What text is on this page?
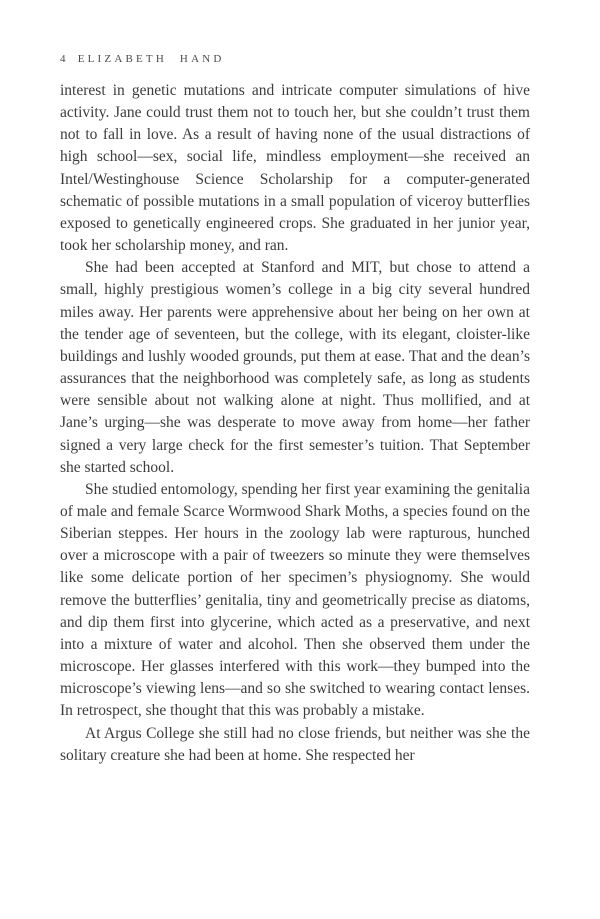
4 ELIZABETH HAND

interest in genetic mutations and intricate computer simulations of hive activity. Jane could trust them not to touch her, but she couldn’t trust them not to fall in love. As a result of having none of the usual distractions of high school—sex, social life, mindless employment—she received an Intel/Westinghouse Science Scholarship for a computer-generated schematic of possible mutations in a small population of viceroy butterflies exposed to genetically engineered crops. She graduated in her junior year, took her scholarship money, and ran.

She had been accepted at Stanford and MIT, but chose to attend a small, highly prestigious women’s college in a big city several hundred miles away. Her parents were apprehensive about her being on her own at the tender age of seventeen, but the college, with its elegant, cloister-like buildings and lushly wooded grounds, put them at ease. That and the dean’s assurances that the neighborhood was completely safe, as long as students were sensible about not walking alone at night. Thus mollified, and at Jane’s urging—she was desperate to move away from home—her father signed a very large check for the first semester’s tuition. That September she started school.

She studied entomology, spending her first year examining the genitalia of male and female Scarce Wormwood Shark Moths, a species found on the Siberian steppes. Her hours in the zoology lab were rapturous, hunched over a microscope with a pair of tweezers so minute they were themselves like some delicate portion of her specimen’s physiognomy. She would remove the butterflies’ genitalia, tiny and geometrically precise as diatoms, and dip them first into glycerine, which acted as a preservative, and next into a mixture of water and alcohol. Then she observed them under the microscope. Her glasses interfered with this work—they bumped into the microscope’s viewing lens—and so she switched to wearing contact lenses. In retrospect, she thought that this was probably a mistake.

At Argus College she still had no close friends, but neither was she the solitary creature she had been at home. She respected her
